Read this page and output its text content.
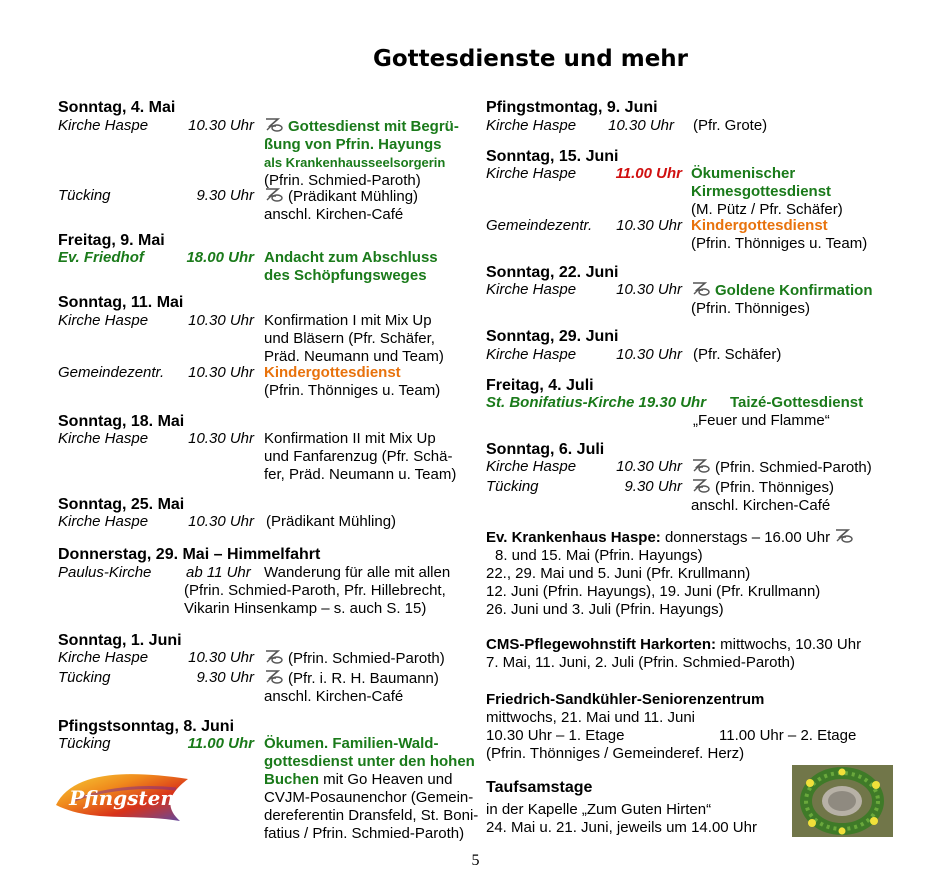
Gottesdienste und mehr
Sonntag, 4. Mai
Kirche Haspe	10.30 Uhr	Gottesdienst mit Begrü-
ßung von Pfrin. Hayungs
als Krankenhausseelsorgerin
(Pfrin. Schmied-Paroth)
Tücking	9.30 Uhr	(Prädikant Mühling)
anschl. Kirchen-Café
Freitag, 9. Mai
Ev. Friedhof	18.00 Uhr Andacht zum Abschluss
des Schöpfungsweges
Sonntag, 11. Mai
Kirche Haspe	10.30 Uhr Konfirmation I mit Mix Up
und Bläsern (Pfr. Schäfer,
Präd. Neumann und Team)
Gemeindezentr.	10.30 Uhr Kindergottesdienst
(Pfrin. Thönniges u. Team)
Sonntag, 18. Mai
Kirche Haspe	10.30 Uhr Konfirmation II mit Mix Up
und Fanfarenzug (Pfr. Schä-
fer, Präd. Neumann u. Team)
Sonntag, 25. Mai
Kirche Haspe	10.30 Uhr (Prädikant Mühling)
Donnerstag, 29. Mai – Himmelfahrt
Paulus-Kirche	ab 11 Uhr Wanderung für alle mit allen
(Pfrin. Schmied-Paroth, Pfr. Hillebrecht,
Vikarin Hinsenkamp – s. auch S. 15)
Sonntag, 1. Juni
Kirche Haspe	10.30 Uhr	(Pfrin. Schmied-Paroth)
Tücking	9.30 Uhr	(Pfr. i. R. H. Baumann)
anschl. Kirchen-Café
Pfingstsonntag, 8. Juni
Tücking	11.00 Uhr Ökumen. Familien-Wald-
gottesdienst unter den hohen
Buchen mit Go Heaven und
CVJM-Posaunenchor (Gemein-
dereferentin Dransfeld, St. Boni-
fatius / Pfrin. Schmied-Paroth)
Pfingsten
Pfingstmontag, 9. Juni
Kirche Haspe	10.30 Uhr (Pfr. Grote)
Sonntag, 15. Juni
Kirche Haspe	11.00 Uhr Ökumenischer
Kirmesgottesdienst
(M. Pütz / Pfr. Schäfer)
Gemeindezentr.	10.30 Uhr Kindergottesdienst
(Pfrin. Thönniges u. Team)
Sonntag, 22. Juni
Kirche Haspe	10.30 Uhr	Goldene Konfirmation
(Pfrin. Thönniges)
Sonntag, 29. Juni
Kirche Haspe	10.30 Uhr (Pfr. Schäfer)
Freitag, 4. Juli
St. Bonifatius-Kirche 19.30 Uhr Taizé-Gottesdienst
„Feuer und Flamme“
Sonntag, 6. Juli
Kirche Haspe	10.30 Uhr	(Pfrin. Schmied-Paroth)
Tücking	9.30 Uhr	(Pfrin. Thönniges)
anschl. Kirchen-Café
Ev. Krankenhaus Haspe: donnerstags – 16.00 Uhr
8. und 15. Mai (Pfrin. Hayungs)
22., 29. Mai und 5. Juni (Pfr. Krullmann)
12. Juni (Pfrin. Hayungs), 19. Juni (Pfr. Krullmann)
26. Juni und 3. Juli (Pfrin. Hayungs)
CMS-Pflegewohnstift Harkorten: mittwochs, 10.30 Uhr
7. Mai, 11. Juni, 2. Juli (Pfrin. Schmied-Paroth)
Friedrich-Sandkühler-Seniorenzentrum
mittwochs, 21. Mai und 11. Juni
10.30 Uhr – 1. Etage	11.00 Uhr – 2. Etage
(Pfrin. Thönniges / Gemeinderef. Herz)
Taufsamstage
in der Kapelle „Zum Guten Hirten“
24. Mai u. 21. Juni, jeweils um 14.00 Uhr
5
